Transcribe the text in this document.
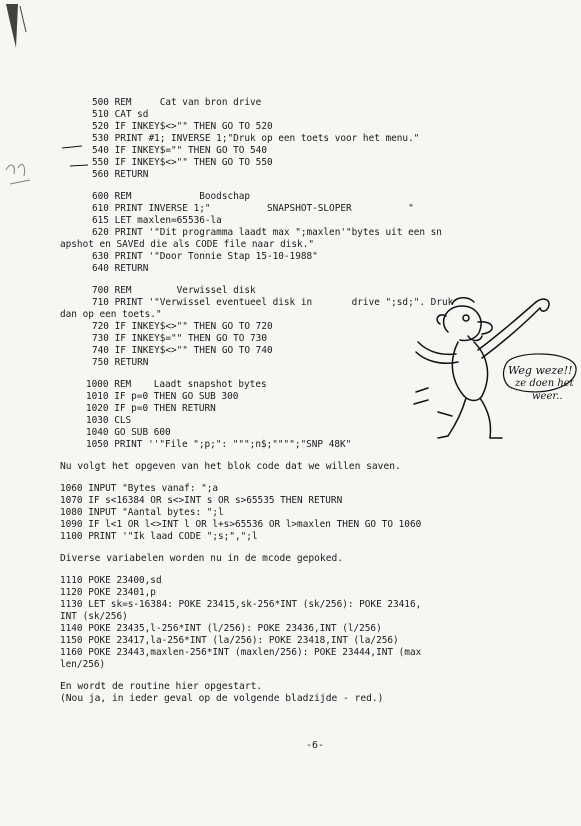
500 REM     Cat van bron drive
510 CAT sd
520 IF INKEY$<>"" THEN GO TO 520
530 PRINT #1; INVERSE 1;"Druk op een toets voor het menu."
540 IF INKEY$="" THEN GO TO 540
550 IF INKEY$<>"" THEN GO TO 550
560 RETURN
600 REM            Boodschap
610 PRINT INVERSE 1;"          SNAPSHOT-SLOPER          "
615 LET maxlen=65536-la
620 PRINT '"Dit programma laadt max ";maxlen'"bytes uit een sn
apshot en SAVEd die als CODE file naar disk."
630 PRINT '"Door Tonnie Stap 15-10-1988"
640 RETURN
700 REM        Verwissel disk
710 PRINT '"Verwissel eventueel disk in       drive ";sd;". Druk
dan op een toets."
720 IF INKEY$<>"" THEN GO TO 720
730 IF INKEY$="" THEN GO TO 730
740 IF INKEY$<>"" THEN GO TO 740
750 RETURN
1000 REM    Laadt snapshot bytes
1010 IF p=0 THEN GO SUB 300
1020 IF p=0 THEN RETURN
1030 CLS
1040 GO SUB 600
1050 PRINT ''"File ";p;": """;n$;"""";"SNP 48K"
Nu volgt het opgeven van het blok code dat we willen saven.
1060 INPUT "Bytes vanaf: ";a
1070 IF s<16384 OR s<>INT s OR s>65535 THEN RETURN
1080 INPUT "Aantal bytes: ";l
1090 IF l<1 OR l<>INT l OR l+s>65536 OR l>maxlen THEN GO TO 1060
1100 PRINT '"Ik laad CODE ";s;",";l
Diverse variabelen worden nu in de mcode gepoked.
1110 POKE 23400,sd
1120 POKE 23401,p
1130 LET sk=s-16384: POKE 23415,sk-256*INT (sk/256): POKE 23416,
INT (sk/256)
1140 POKE 23435,l-256*INT (l/256): POKE 23436,INT (l/256)
1150 POKE 23417,la-256*INT (la/256): POKE 23418,INT (la/256)
1160 POKE 23443,maxlen-256*INT (maxlen/256): POKE 23444,INT (max
len/256)
En wordt de routine hier opgestart.
(Nou ja, in ieder geval op de volgende bladzijde - red.)
Weg weze!!
ze doen het
weer..
-6-
